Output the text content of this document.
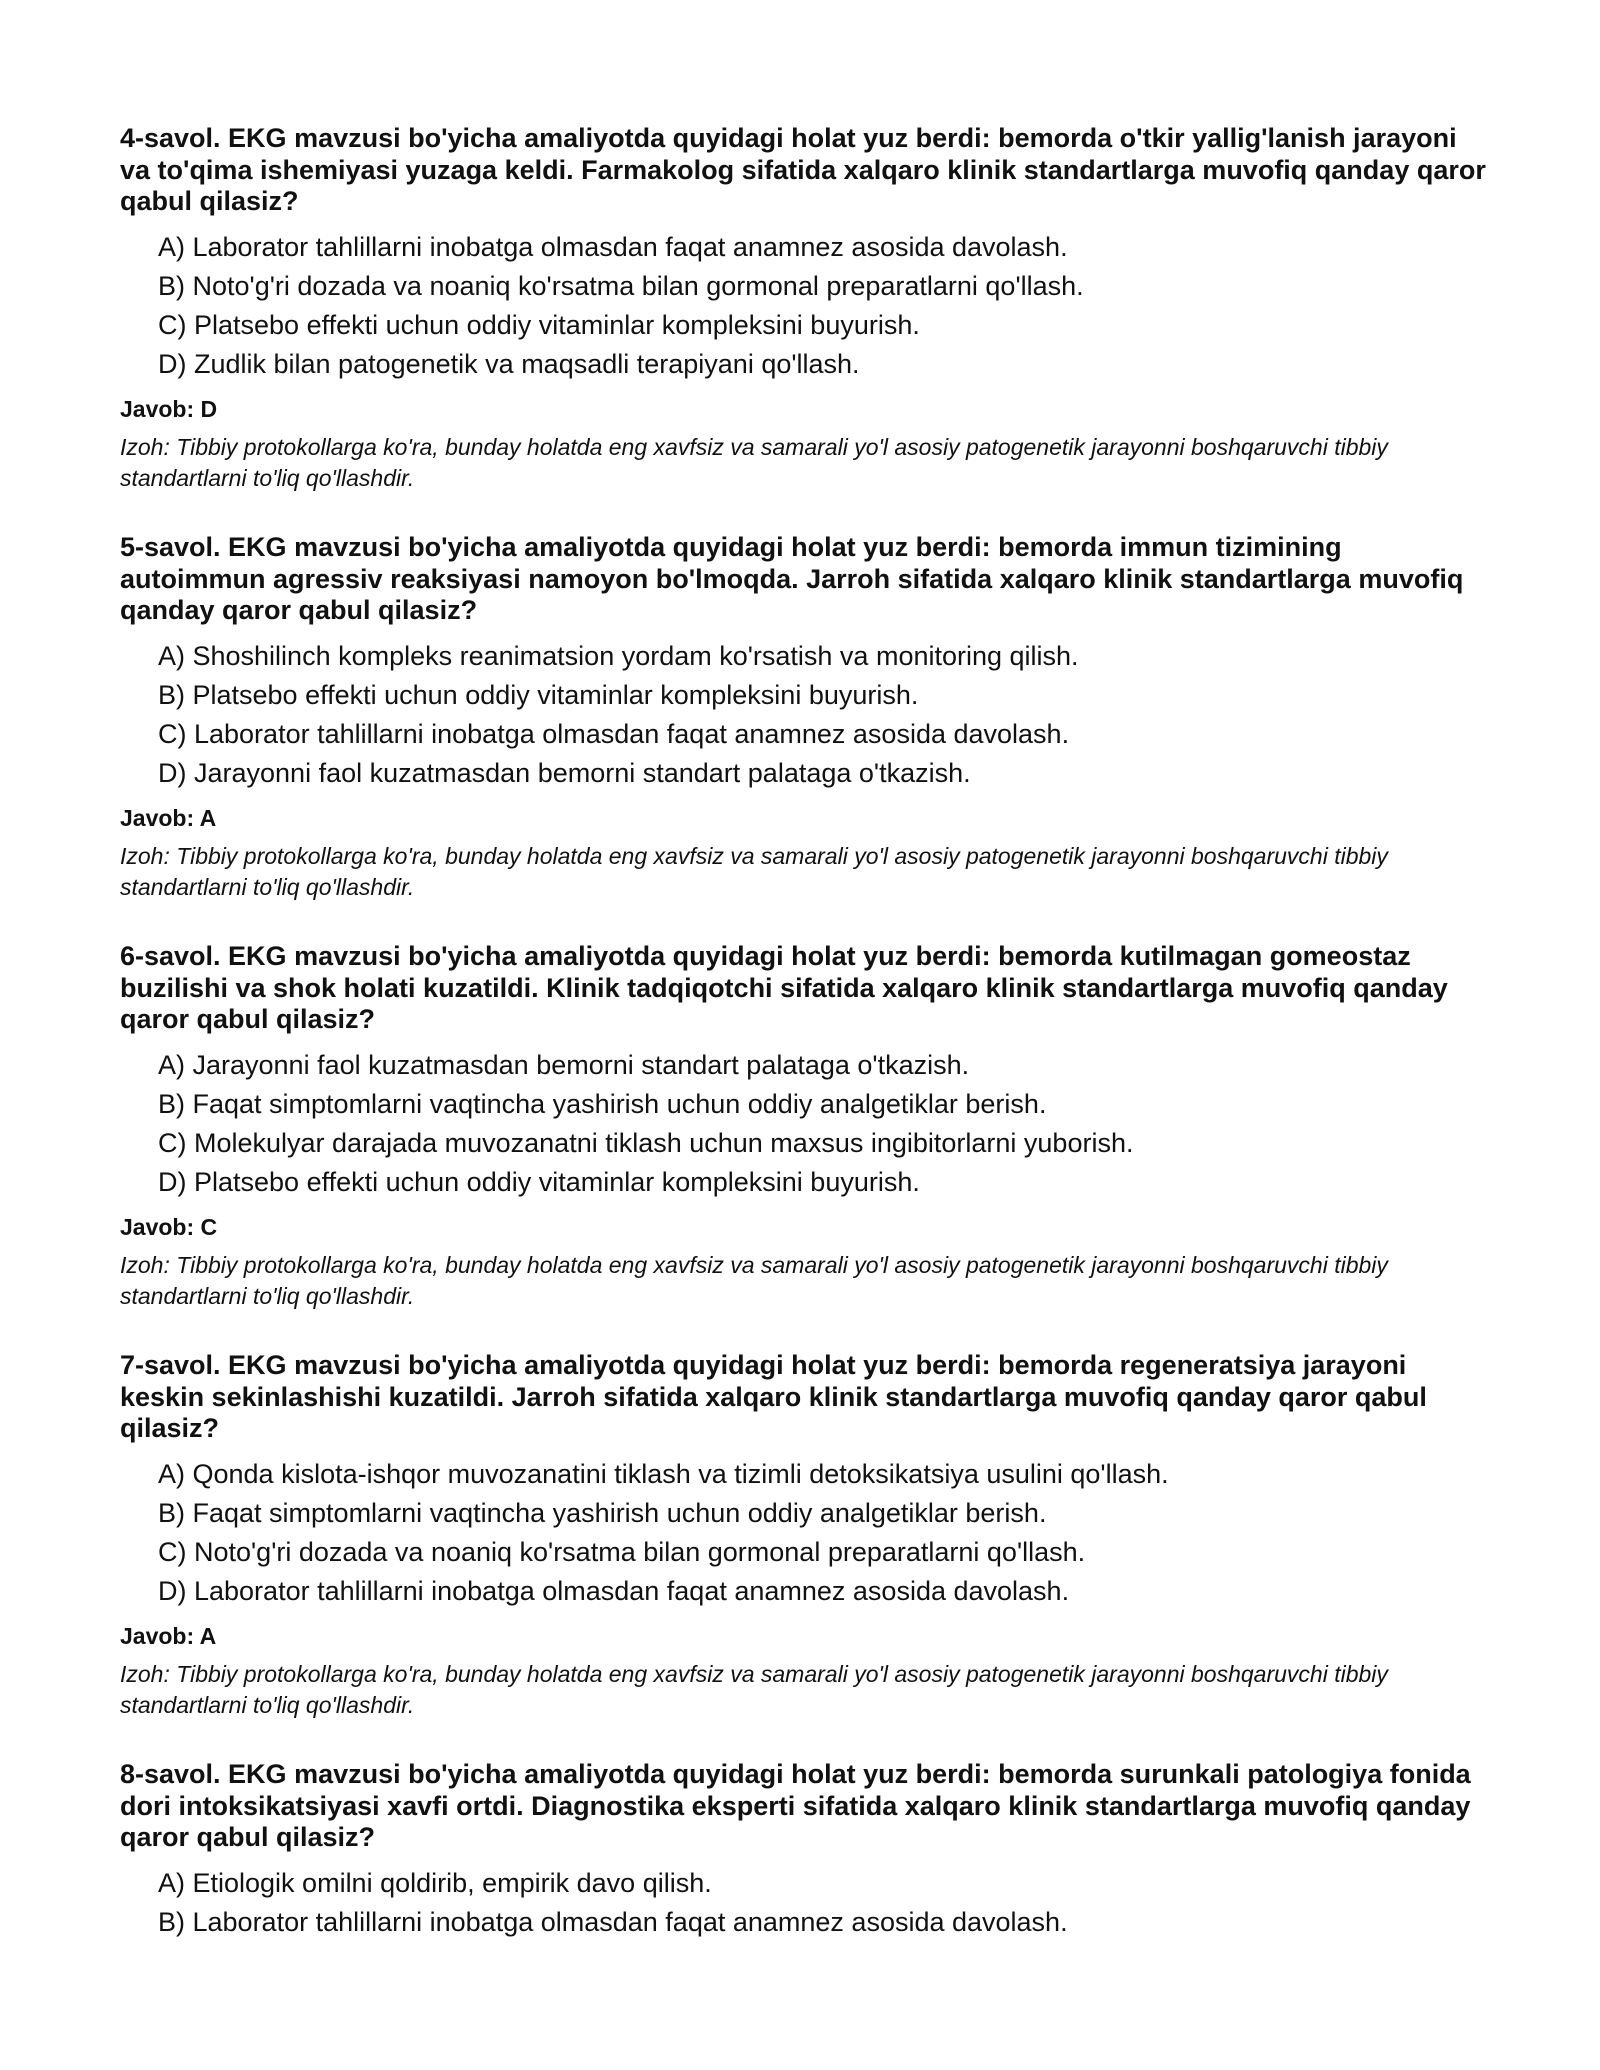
4-savol. EKG mavzusi bo'yicha amaliyotda quyidagi holat yuz berdi: bemorda o'tkir yallig'lanish jarayoni va to'qima ishemiyasi yuzaga keldi. Farmakolog sifatida xalqaro klinik standartlarga muvofiq qanday qaror qabul qilasiz?

A) Laborator tahlillarni inobatga olmasdan faqat anamnez asosida davolash.
B) Noto'g'ri dozada va noaniq ko'rsatma bilan gormonal preparatlarni qo'llash.
C) Platsebo effekti uchun oddiy vitaminlar kompleksini buyurish.
D) Zudlik bilan patogenetik va maqsadli terapiyani qo'llash.
Javob: D
Izoh: Tibbiy protokollarga ko'ra, bunday holatda eng xavfsiz va samarali yo'l asosiy patogenetik jarayonni boshqaruvchi tibbiy standartlarni to'liq qo'llashdir.

5-savol. EKG mavzusi bo'yicha amaliyotda quyidagi holat yuz berdi: bemorda immun tizimining autoimmun agressiv reaksiyasi namoyon bo'lmoqda. Jarroh sifatida xalqaro klinik standartlarga muvofiq qanday qaror qabul qilasiz?

A) Shoshilinch kompleks reanimatsion yordam ko'rsatish va monitoring qilish.
B) Platsebo effekti uchun oddiy vitaminlar kompleksini buyurish.
C) Laborator tahlillarni inobatga olmasdan faqat anamnez asosida davolash.
D) Jarayonni faol kuzatmasdan bemorni standart palataga o'tkazish.
Javob: A
Izoh: Tibbiy protokollarga ko'ra, bunday holatda eng xavfsiz va samarali yo'l asosiy patogenetik jarayonni boshqaruvchi tibbiy standartlarni to'liq qo'llashdir.

6-savol. EKG mavzusi bo'yicha amaliyotda quyidagi holat yuz berdi: bemorda kutilmagan gomeostaz buzilishi va shok holati kuzatildi. Klinik tadqiqotchi sifatida xalqaro klinik standartlarga muvofiq qanday qaror qabul qilasiz?

A) Jarayonni faol kuzatmasdan bemorni standart palataga o'tkazish.
B) Faqat simptomlarni vaqtincha yashirish uchun oddiy analgetiklar berish.
C) Molekulyar darajada muvozanatni tiklash uchun maxsus ingibitorlarni yuborish.
D) Platsebo effekti uchun oddiy vitaminlar kompleksini buyurish.
Javob: C
Izoh: Tibbiy protokollarga ko'ra, bunday holatda eng xavfsiz va samarali yo'l asosiy patogenetik jarayonni boshqaruvchi tibbiy standartlarni to'liq qo'llashdir.

7-savol. EKG mavzusi bo'yicha amaliyotda quyidagi holat yuz berdi: bemorda regeneratsiya jarayoni keskin sekinlashishi kuzatildi. Jarroh sifatida xalqaro klinik standartlarga muvofiq qanday qaror qabul qilasiz?

A) Qonda kislota-ishqor muvozanatini tiklash va tizimli detoksikatsiya usulini qo'llash.
B) Faqat simptomlarni vaqtincha yashirish uchun oddiy analgetiklar berish.
C) Noto'g'ri dozada va noaniq ko'rsatma bilan gormonal preparatlarni qo'llash.
D) Laborator tahlillarni inobatga olmasdan faqat anamnez asosida davolash.
Javob: A
Izoh: Tibbiy protokollarga ko'ra, bunday holatda eng xavfsiz va samarali yo'l asosiy patogenetik jarayonni boshqaruvchi tibbiy standartlarni to'liq qo'llashdir.

8-savol. EKG mavzusi bo'yicha amaliyotda quyidagi holat yuz berdi: bemorda surunkali patologiya fonida dori intoksikatsiyasi xavfi ortdi. Diagnostika eksperti sifatida xalqaro klinik standartlarga muvofiq qanday qaror qabul qilasiz?

A) Etiologik omilni qoldirib, empirik davo qilish.
B) Laborator tahlillarni inobatga olmasdan faqat anamnez asosida davolash.
